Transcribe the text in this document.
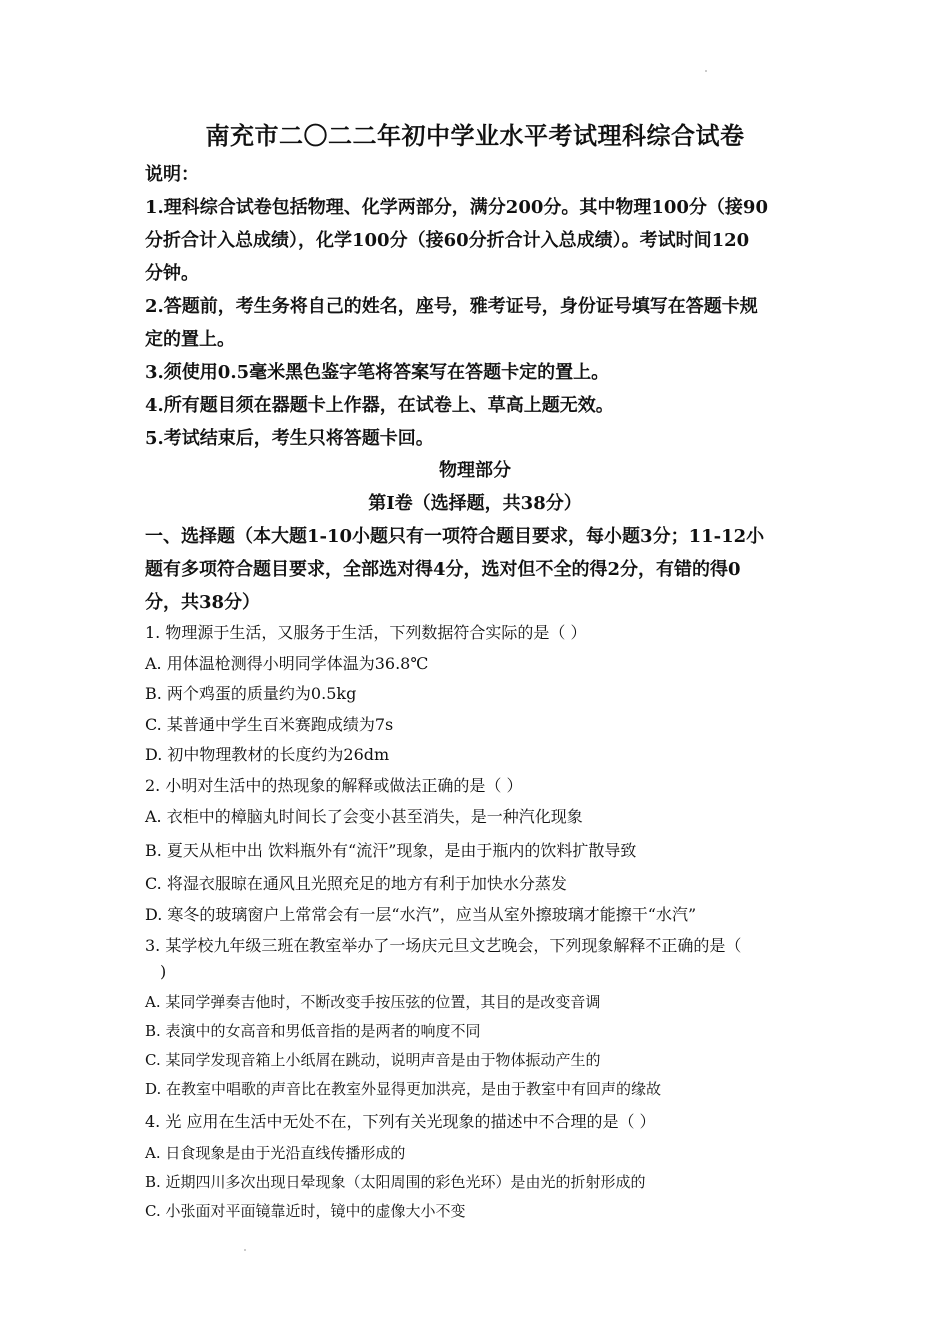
南充市二〇二二年初中学业水平考试理科综合试卷
说明：
1.理科综合试卷包括物理、化学两部分，满分200分。其中物理100分（接90
分折合计入总成绩），化学100分（接60分折合计入总成绩）。考试时间120
分钟。
2.答题前，考生务将自己的姓名，座号，雅考证号，身份证号填写在答题卡规
定的置上。
3.须使用0.5毫米黑色鉴字笔将答案写在答题卡定的置上。
4.所有题目须在器题卡上作器，在试卷上、草高上题无效。
5.考试结束后，考生只将答题卡回。
物理部分
第Ⅰ卷（选择题，共38分）
一、选择题（本大题1-10小题只有一项符合题目要求，每小题3分；11-12小
题有多项符合题目要求，全部选对得4分，选对但不全的得2分，有错的得0
分，共38分）
1. 物理源于生活，又服务于生活，下列数据符合实际的是（ ）
A. 用体温枪测得小明同学体温为36.8℃
B. 两个鸡蛋的质量约为0.5kg
C. 某普通中学生百米赛跑成绩为7s
D. 初中物理教材的长度约为26dm
2. 小明对生活中的热现象的解释或做法正确的是（ ）
A. 衣柜中的樟脑丸时间长了会变小甚至消失，是一种汽化现象
B. 夏天从柜中出 饮料瓶外有“流汗”现象，是由于瓶内的饮料扩散导致
C. 将湿衣服晾在通风且光照充足的地方有利于加快水分蒸发
D. 寒冬的玻璃窗户上常常会有一层“水汽”，应当从室外擦玻璃才能擦干“水汽”
3. 某学校九年级三班在教室举办了一场庆元旦文艺晚会，下列现象解释不正确的是（
)
A. 某同学弹奏吉他时，不断改变手按压弦的位置，其目的是改变音调
B. 表演中的女高音和男低音指的是两者的响度不同
C. 某同学发现音箱上小纸屑在跳动，说明声音是由于物体振动产生的
D. 在教室中唱歌的声音比在教室外显得更加洪亮，是由于教室中有回声的缘故
4. 光 应用在生活中无处不在，下列有关光现象的描述中不合理的是（ ）
A. 日食现象是由于光沿直线传播形成的
B. 近期四川多次出现日晕现象（太阳周围的彩色光环）是由光的折射形成的
C. 小张面对平面镜靠近时，镜中的虚像大小不变
